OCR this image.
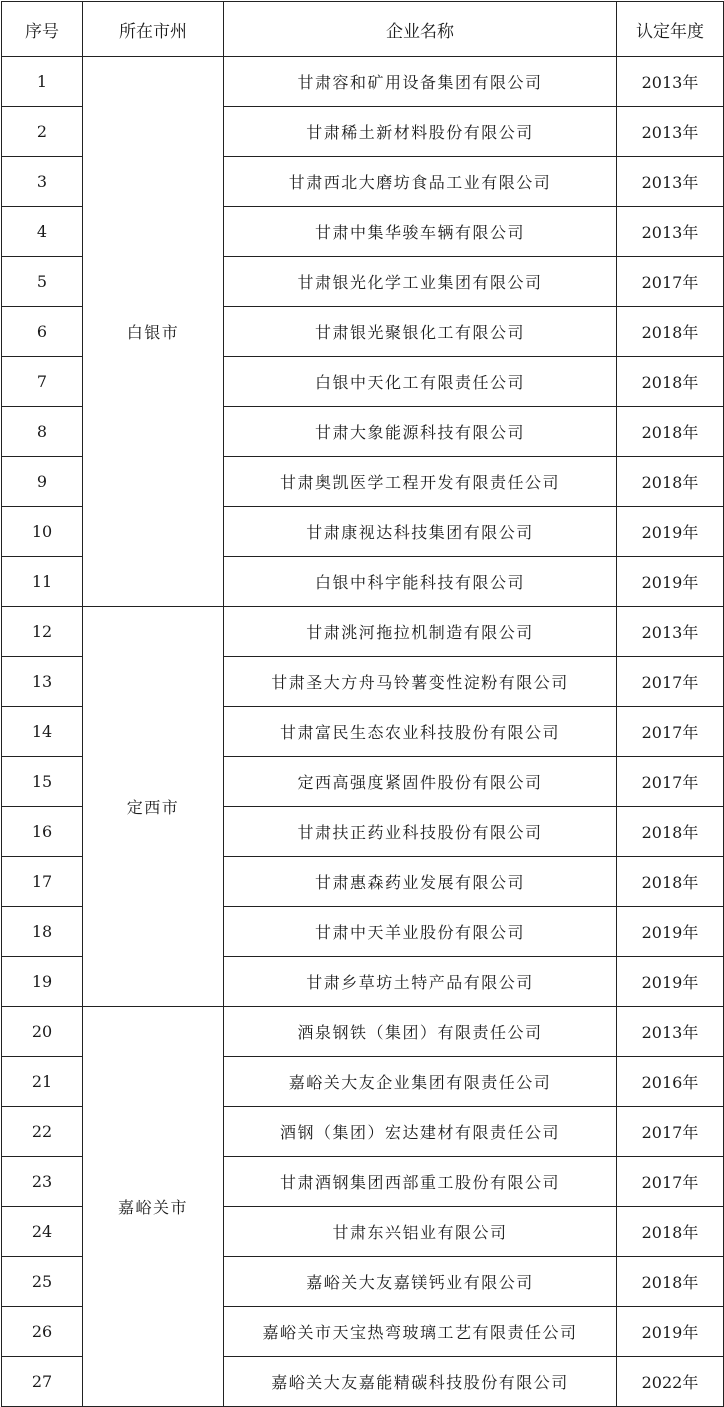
序号	所在市州	企业名称	认定年度
1	白银市	甘肃容和矿用设备集团有限公司	2013年
2		甘肃稀土新材料股份有限公司	2013年
3		甘肃西北大磨坊食品工业有限公司	2013年
4		甘肃中集华骏车辆有限公司	2013年
5		甘肃银光化学工业集团有限公司	2017年
6		甘肃银光聚银化工有限公司	2018年
7		白银中天化工有限责任公司	2018年
8		甘肃大象能源科技有限公司	2018年
9		甘肃奥凯医学工程开发有限责任公司	2018年
10		甘肃康视达科技集团有限公司	2019年
11		白银中科宇能科技有限公司	2019年
12	定西市	甘肃洮河拖拉机制造有限公司	2013年
13		甘肃圣大方舟马铃薯变性淀粉有限公司	2017年
14		甘肃富民生态农业科技股份有限公司	2017年
15		定西高强度紧固件股份有限公司	2017年
16		甘肃扶正药业科技股份有限公司	2018年
17		甘肃惠森药业发展有限公司	2018年
18		甘肃中天羊业股份有限公司	2019年
19		甘肃乡草坊土特产品有限公司	2019年
20	嘉峪关市	酒泉钢铁（集团）有限责任公司	2013年
21		嘉峪关大友企业集团有限责任公司	2016年
22		酒钢（集团）宏达建材有限责任公司	2017年
23		甘肃酒钢集团西部重工股份有限公司	2017年
24		甘肃东兴铝业有限公司	2018年
25		嘉峪关大友嘉镁钙业有限公司	2018年
26		嘉峪关市天宝热弯玻璃工艺有限责任公司	2019年
27		嘉峪关大友嘉能精碳科技股份有限公司	2022年
